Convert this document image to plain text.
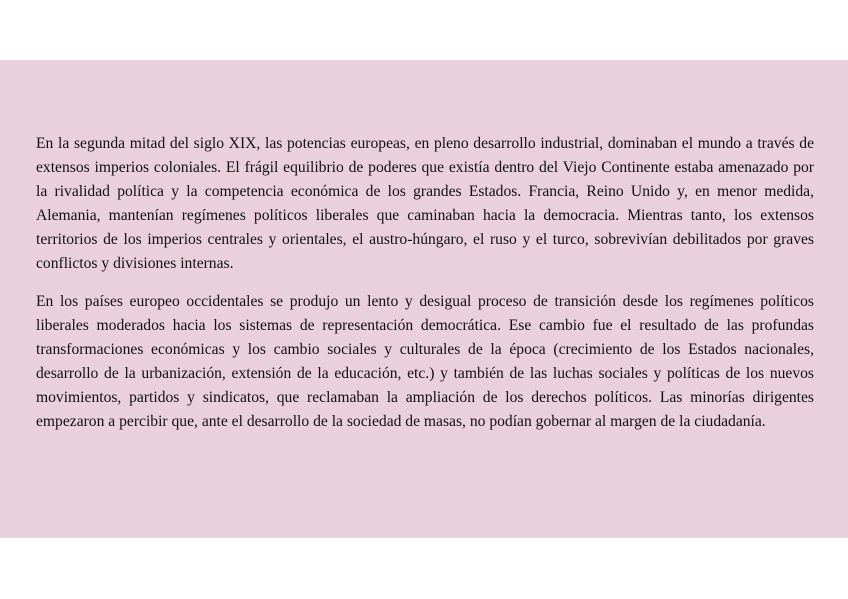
En la segunda mitad del siglo XIX, las potencias europeas, en pleno desarrollo industrial, dominaban el mundo a través de extensos imperios coloniales. El frágil equilibrio de poderes que existía dentro del Viejo Continente estaba amenazado por la rivalidad política y la competencia económica de los grandes Estados. Francia, Reino Unido y, en menor medida, Alemania, mantenían regímenes políticos liberales que caminaban hacia la democracia. Mientras tanto, los extensos territorios de los imperios centrales y orientales, el austro-húngaro, el ruso y el turco, sobrevivían debilitados por graves conflictos y divisiones internas.

En los países europeo occidentales se produjo un lento y desigual proceso de transición desde los regímenes políticos liberales moderados hacia los sistemas de representación democrática. Ese cambio fue el resultado de las profundas transformaciones económicas y los cambio sociales y culturales de la época (crecimiento de los Estados nacionales, desarrollo de la urbanización, extensión de la educación, etc.) y también de las luchas sociales y políticas de los nuevos movimientos, partidos y sindicatos, que reclamaban la ampliación de los derechos políticos. Las minorías dirigentes empezaron a percibir que, ante el desarrollo de la sociedad de masas, no podían gobernar al margen de la ciudadanía.
